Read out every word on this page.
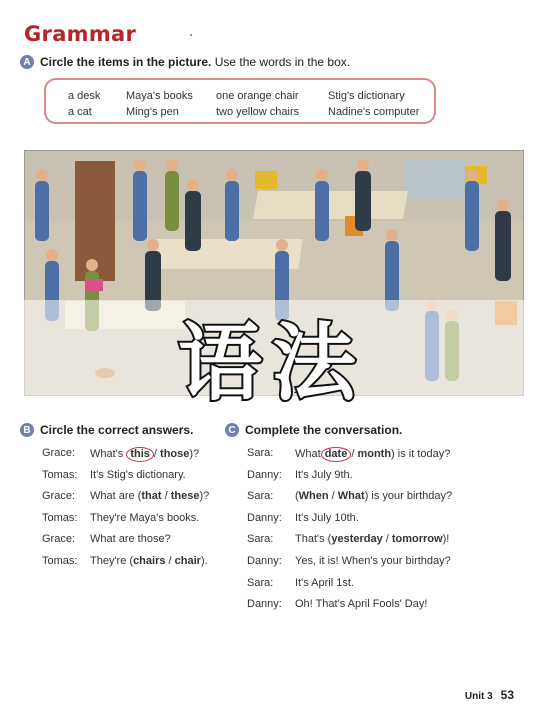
Grammar
A Circle the items in the picture. Use the words in the box.
a desk
a cat
Maya's books
Ming's pen
one orange chair
two yellow chairs
Stig's dictionary
Nadine's computer
语法
B Circle the correct answers.
Grace: What's this / those)?
Tomas: It's Stig's dictionary.
Grace: What are (that / these)?
Tomas: They're Maya's books.
Grace: What are those?
Tomas: They're (chairs / chair).
C Complete the conversation.
Sara: What date / month) is it today?
Danny: It's July 9th.
Sara: (When / What) is your birthday?
Danny: It's July 10th.
Sara: That's (yesterday / tomorrow)!
Danny: Yes, it is! When's your birthday?
Sara: It's April 1st.
Danny: Oh! That's April Fools' Day!
Unit 3 53
